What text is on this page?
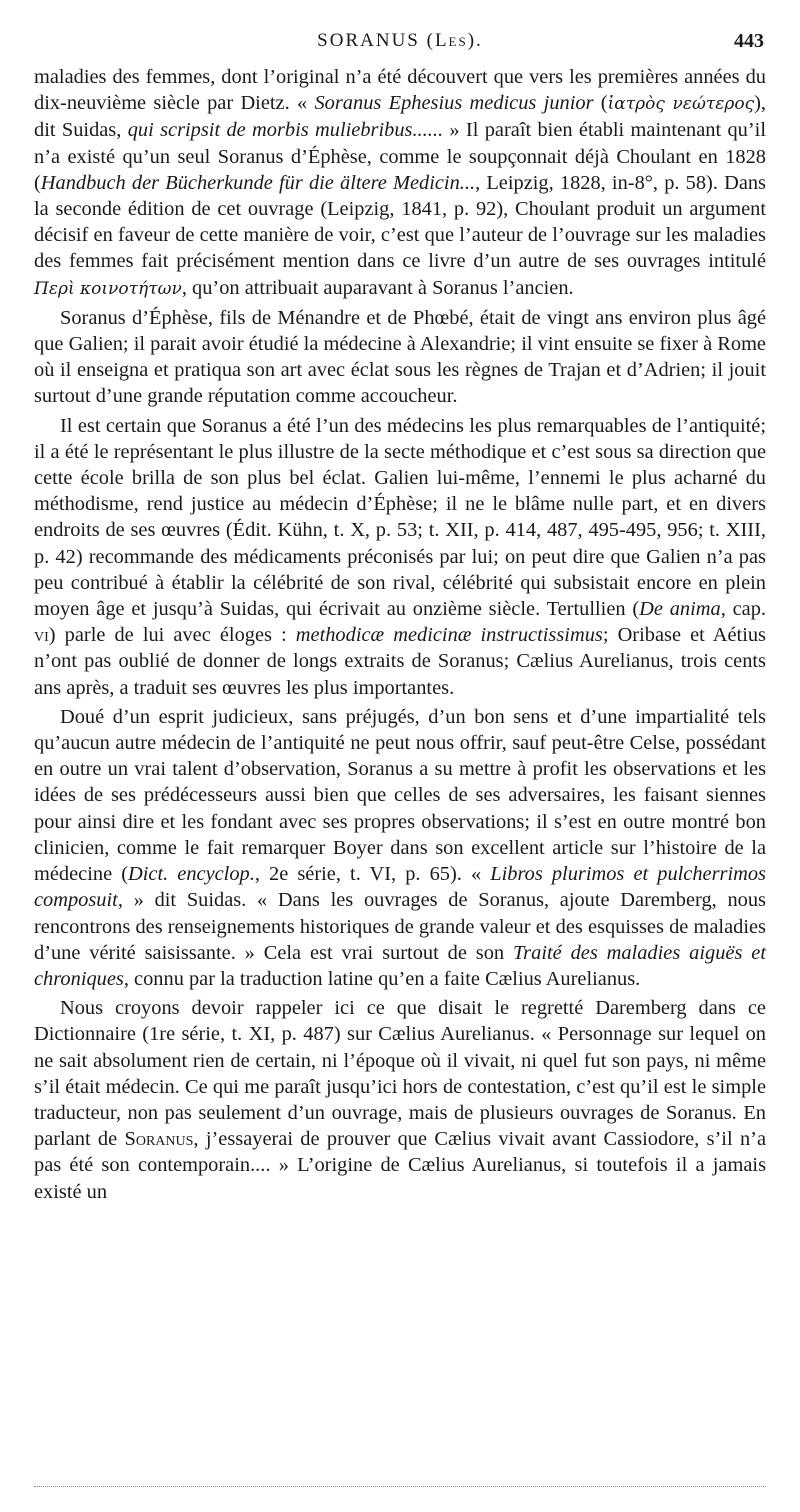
SORANUS (Les).	443

maladies des femmes, dont l’original n’a été découvert que vers les premières années du dix-neuvième siècle par Dietz. « Soranus Ephesius medicus junior (ἰατρὸς νεώτερος), dit Suidas, qui scripsit de morbis muliebribus...... » Il paraît bien établi maintenant qu’il n’a existé qu’un seul Soranus d’Éphèse, comme le soupçonnait déjà Choulant en 1828 (Handbuch der Bücherkunde für die ältere Medicin..., Leipzig, 1828, in-8°, p. 58). Dans la seconde édition de cet ouvrage (Leipzig, 1841, p. 92), Choulant produit un argument décisif en faveur de cette manière de voir, c’est que l’auteur de l’ouvrage sur les maladies des femmes fait précisément mention dans ce livre d’un autre de ses ouvrages intitulé Περὶ κοινοτήτων, qu’on attribuait auparavant à Soranus l’ancien.

Soranus d’Éphèse, fils de Ménandre et de Phœbé, était de vingt ans environ plus âgé que Galien; il parait avoir étudié la médecine à Alexandrie; il vint ensuite se fixer à Rome où il enseigna et pratiqua son art avec éclat sous les règnes de Trajan et d’Adrien; il jouit surtout d’une grande réputation comme accoucheur.

Il est certain que Soranus a été l’un des médecins les plus remarquables de l’antiquité; il a été le représentant le plus illustre de la secte méthodique et c’est sous sa direction que cette école brilla de son plus bel éclat. Galien lui-même, l’ennemi le plus acharné du méthodisme, rend justice au médecin d’Éphèse; il ne le blâme nulle part, et en divers endroits de ses œuvres (Édit. Kühn, t. X, p. 53; t. XII, p. 414, 487, 495-495, 956; t. XIII, p. 42) recommande des médicaments préconisés par lui; on peut dire que Galien n’a pas peu contribué à établir la célébrité de son rival, célébrité qui subsistait encore en plein moyen âge et jusqu’à Suidas, qui écrivait au onzième siècle. Tertullien (De anima, cap. vi) parle de lui avec éloges : methodicæ medicinæ instructissimus; Oribase et Aétius n’ont pas oublié de donner de longs extraits de Soranus; Cælius Aurelianus, trois cents ans après, a traduit ses œuvres les plus importantes.

Doué d’un esprit judicieux, sans préjugés, d’un bon sens et d’une impartialité tels qu’aucun autre médecin de l’antiquité ne peut nous offrir, sauf peut-être Celse, possédant en outre un vrai talent d’observation, Soranus a su mettre à profit les observations et les idées de ses prédécesseurs aussi bien que celles de ses adversaires, les faisant siennes pour ainsi dire et les fondant avec ses propres observations; il s’est en outre montré bon clinicien, comme le fait remarquer Boyer dans son excellent article sur l’histoire de la médecine (Dict. encyclop., 2e série, t. VI, p. 65). « Libros plurimos et pulcherrimos composuit, » dit Suidas. « Dans les ouvrages de Soranus, ajoute Daremberg, nous rencontrons des renseignements historiques de grande valeur et des esquisses de maladies d’une vérité saisissante. » Cela est vrai surtout de son Traité des maladies aiguës et chroniques, connu par la traduction latine qu’en a faite Cælius Aurelianus.

Nous croyons devoir rappeler ici ce que disait le regretté Daremberg dans ce Dictionnaire (1re série, t. XI, p. 487) sur Cælius Aurelianus. « Personnage sur lequel on ne sait absolument rien de certain, ni l’époque où il vivait, ni quel fut son pays, ni même s’il était médecin. Ce qui me paraît jusqu’ici hors de contestation, c’est qu’il est le simple traducteur, non pas seulement d’un ouvrage, mais de plusieurs ouvrages de Soranus. En parlant de Soranus, j’essayerai de prouver que Cælius vivait avant Cassiodore, s’il n’a pas été son contemporain.... » L’origine de Cælius Aurelianus, si toutefois il a jamais existé un
